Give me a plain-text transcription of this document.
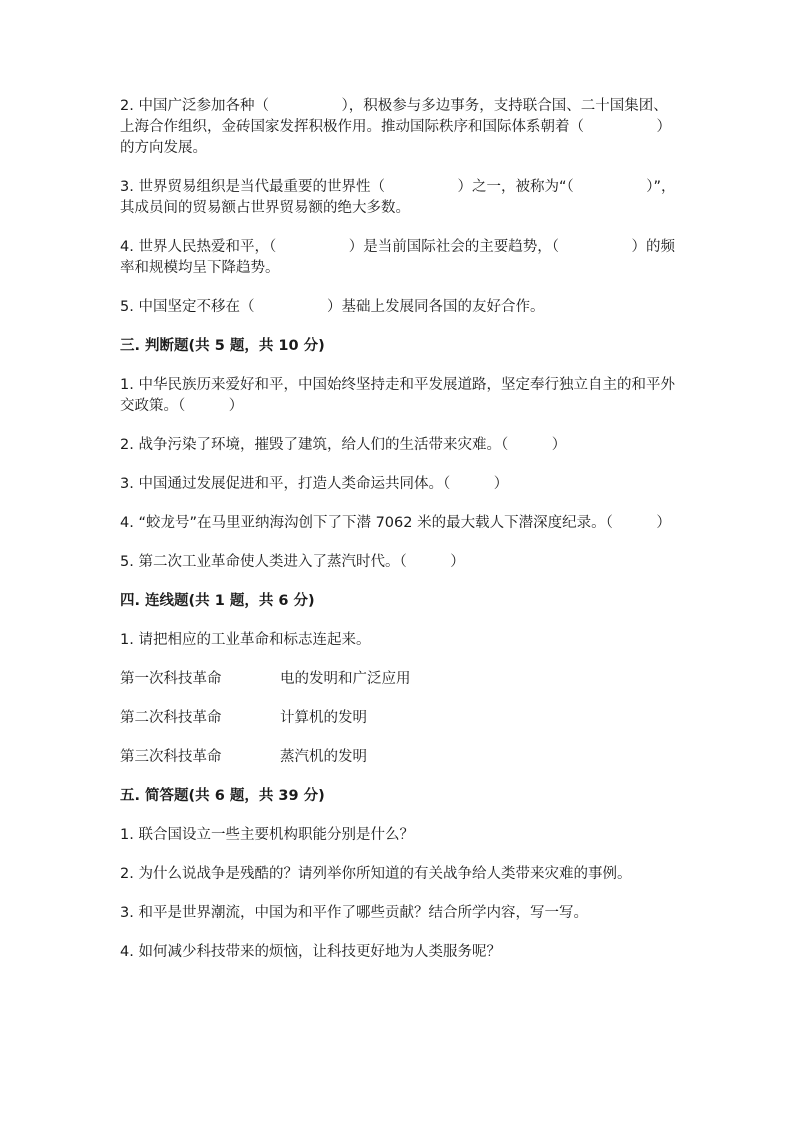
2. 中国广泛参加各种（　　　　　），积极参与多边事务，支持联合国、二十国集团、上海合作组织，金砖国家发挥积极作用。推动国际秩序和国际体系朝着（　　　　　）的方向发展。

3. 世界贸易组织是当代最重要的世界性（　　　　　）之一，被称为“（　　　　　）”，其成员间的贸易额占世界贸易额的绝大多数。

4. 世界人民热爱和平，（　　　　　）是当前国际社会的主要趋势，（　　　　　）的频率和规模均呈下降趋势。

5. 中国坚定不移在（　　　　　）基础上发展同各国的友好合作。

三. 判断题(共 5 题，共 10 分)

1. 中华民族历来爱好和平，中国始终坚持走和平发展道路，坚定奉行独立自主的和平外交政策。（　　　）

2. 战争污染了环境，摧毁了建筑，给人们的生活带来灾难。（　　　）

3. 中国通过发展促进和平，打造人类命运共同体。（　　　）

4. “蛟龙号”在马里亚纳海沟创下了下潜 7062 米的最大载人下潜深度纪录。（　　　）

5. 第二次工业革命使人类进入了蒸汽时代。（　　　）

四. 连线题(共 1 题，共 6 分)

1. 请把相应的工业革命和标志连起来。

第一次科技革命	电的发明和广泛应用
第二次科技革命	计算机的发明
第三次科技革命	蒸汽机的发明
五. 简答题(共 6 题，共 39 分)

1. 联合国设立一些主要机构职能分别是什么？

2. 为什么说战争是残酷的？请列举你所知道的有关战争给人类带来灾难的事例。

3. 和平是世界潮流，中国为和平作了哪些贡献？结合所学内容，写一写。

4. 如何减少科技带来的烦恼，让科技更好地为人类服务呢？
